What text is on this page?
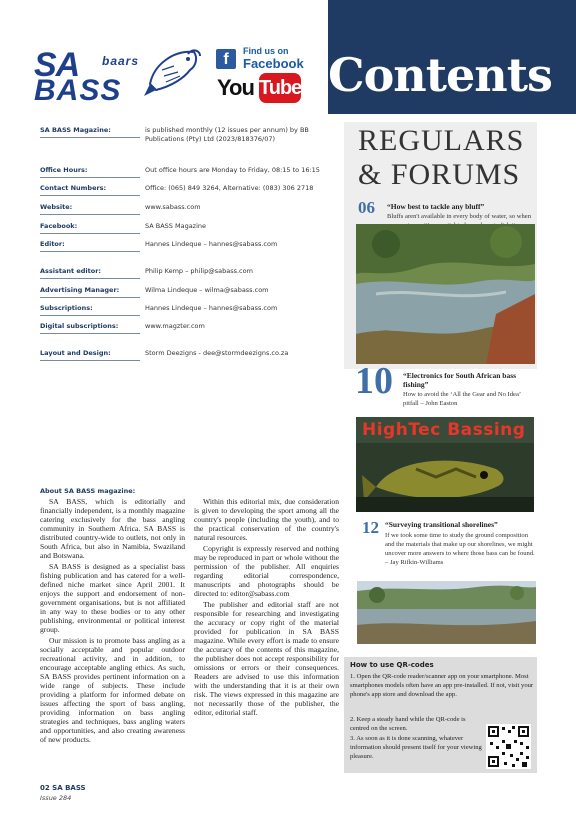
SA baars
BASS
f	Find us on
Facebook
You Tube Contents
SA BASS Magazine:	is published monthly (12 issues per annum) by BB Publications (Pty) Ltd (2023/818376/07)
Office Hours:	Out office hours are Monday to Friday, 08:15 to 16:15
Contact Numbers:	Office: (065) 849 3264, Alternative: (083) 306 2718
Website:	www.sabass.com
Facebook:	SA BASS Magazine
Editor:	Hannes Lindeque – hannes@sabass.com
Assistant editor:	Philip Kemp – philip@sabass.com
Advertising Manager:	Wilma Lindeque – wilma@sabass.com
Subscriptions:	Hannes Lindeque – hannes@sabass.com
Digital subscriptions:	www.magzter.com
Layout and Design:	Storm Deezigns - dee@stormdeezigns.co.za
About SA BASS magazine:

SA BASS, which is editorially and financially independent, is a monthly magazine catering exclusively for the bass angling community in Southern Africa. SA BASS is distributed country-wide to outlets, not only in South Africa, but also in Namibia, Swaziland and Botswana.

SA BASS is designed as a specialist bass fishing publication and has catered for a well-defined niche market since April 2001. It enjoys the support and endorsement of non-government organisations, but is not affiliated in any way to these bodies or to any other publishing, environmental or political interest group.

Our mission is to promote bass angling as a socially acceptable and popular outdoor recreational activity, and in addition, to encourage acceptable angling ethics. As such, SA BASS provides pertinent information on a wide range of subjects. These include providing a platform for informed debate on issues affecting the sport of bass angling, providing information on bass angling strategies and techniques, bass angling waters and opportunities, and also creating awareness of new products.

Within this editorial mix, due consideration is given to developing the sport among all the country's people (including the youth), and to the practical conservation of the country's natural resources.

Copyright is expressly reserved and nothing may be reproduced in part or whole without the permission of the publisher. All enquiries regarding editorial correspondence, manuscripts and photographs should be directed to: editor@sabass.com

The publisher and editorial staff are not responsible for researching and investigating the accuracy or copy right of the material provided for publication in SA BASS magazine. While every effort is made to ensure the accuracy of the contents of this magazine, the publisher does not accept responsibility for omissions or errors or their consequences. Readers are advised to use this information with the understanding that it is at their own risk. The views expressed in this magazine are not necessarily those of the publisher, the editor, editorial staff.

02 SA BASS
Issue 284
REGULARS
& FORUMS
06 “How best to tackle any bluff”
Bluffs aren't available in every body of water, so when
10 “Electronics for South African bass fishing”
How to avoid the ‘All the Gear and No Idea’ pitfall – John Easton
HighTec Bassing
12 “Surveying transitional shorelines”
If we took some time to study the ground composition and the materials that make up our shorelines, we might uncover more answers to where those bass can be found. – Jay Rifkin-Williams
How to use QR-codes
1. Open the QR-code reader/scanner app on your smartphone. Most smartphones models often have an app pre-installed. If not, visit your phone's app store and download the app.
2. Keep a steady hand while the QR-code is centred on the screen.
3. As soon as it is done scanning, whatever information should present itself for your viewing pleasure.
